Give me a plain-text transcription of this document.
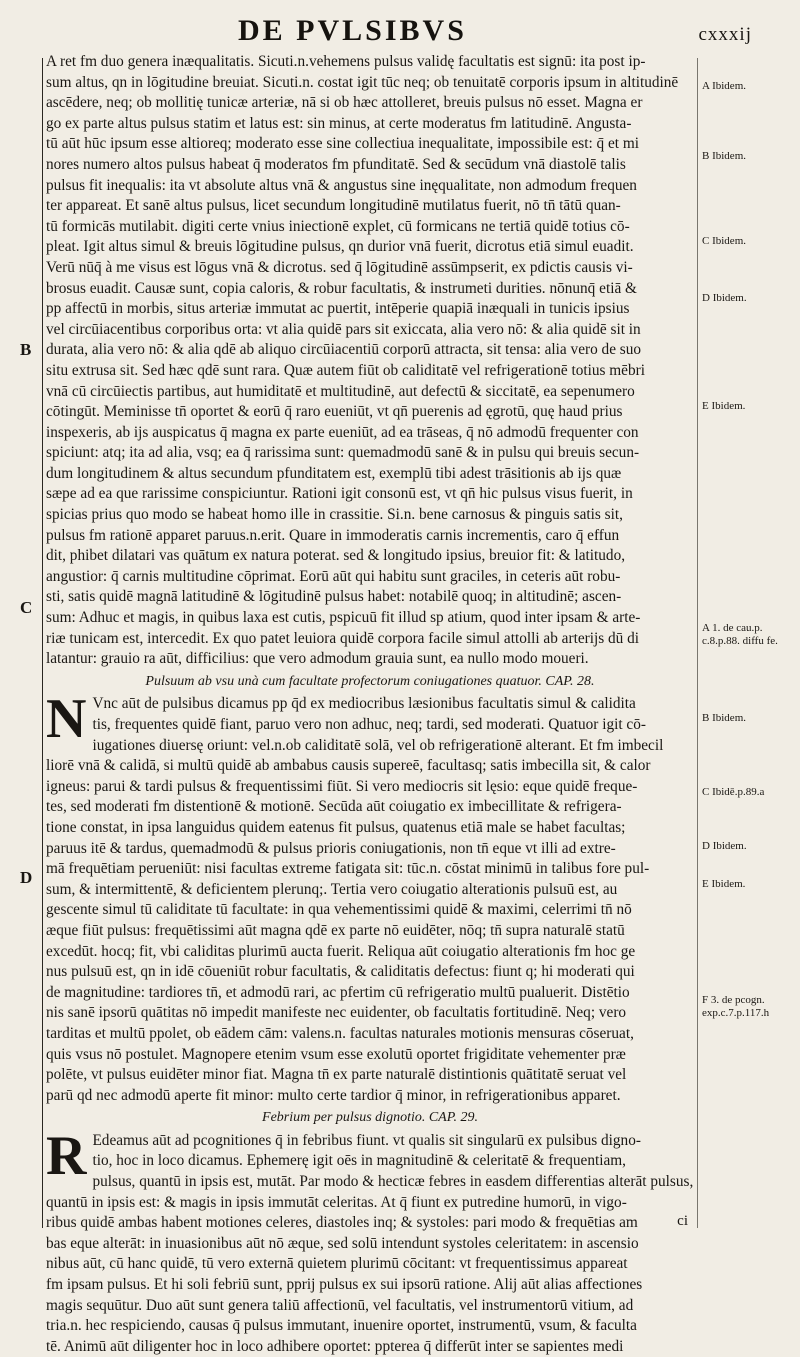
DE PVLSIBVS	cxxxij
B
C
D

A ret fm duo genera inæqualitatis. Sicuti.n.vehemens pulsus validę facultatis est signū: ita post ip-
sum altus, qn in lōgitudine breuiat. Sicuti.n. costat igit tūc neq; ob tenuitatē corporis ipsum in altitudinē
ascēdere, neq; ob mollitię tunicæ arteriæ, nā si ob hæc attolleret, breuis pulsus nō esset. Magna er
go ex parte altus pulsus statim et latus est: sin minus, at certe moderatus fm latitudinē. Angusta-
tū aūt hūc ipsum esse altioreq; moderato esse sine collectiua inequalitate, impossibile est: q̄ et mi
nores numero altos pulsus habeat q̄ moderatos fm pfunditatē. Sed & secūdum vnā diastolē talis
pulsus fit inequalis: ita vt absolute altus vnā & angustus sine inęqualitate, non admodum frequen
ter appareat. Et sanē altus pulsus, licet secundum longitudinē mutilatus fuerit, nō tn̄ tātū quan-
tū formicās mutilabit. digiti certe vnius iniectionē explet, cū formicans ne tertiā quidē totius cō-
pleat. Igit altus simul & breuis lōgitudine pulsus, qn durior vnā fuerit, dicrotus etiā simul euadit.
Verū nūq̄ à me visus est lōgus vnā & dicrotus. sed q̄ lōgitudinē assūmpserit, ex pdictis causis vi-
brosus euadit. Causæ sunt, copia caloris, & robur facultatis, & instrumeti durities. nōnunq̄ etiā &
pp affectū in morbis, situs arteriæ immutat ac puertit, intēperie quapiā inæquali in tunicis ipsius
vel circūiacentibus corporibus orta: vt alia quidē pars sit exiccata, alia vero nō: & alia quidē sit in
durata, alia vero nō: & alia qdē ab aliquo circūiacentiū corporū attracta, sit tensa: alia vero de suo
situ extrusa sit. Sed hæc qdē sunt rara. Quæ autem fiūt ob caliditatē vel refrigerationē totius mēbri
vnā cū circūiectis partibus, aut humiditatē et multitudinē, aut defectū & siccitatē, ea sepenumero
cōtingūt. Meminisse tn̄ oportet & eorū q̄ raro eueniūt, vt qn̄ puerenis ad ęgrotū, quę haud prius
inspexeris, ab ijs auspicatus q̄ magna ex parte eueniūt, ad ea trāseas, q̄ nō admodū frequenter con
spiciunt: atq; ita ad alia, vsq; ea q̄ rarissima sunt: quemadmodū sanē & in pulsu qui breuis secun-
dum longitudinem & altus secundum pfunditatem est, exemplū tibi adest trāsitionis ab ijs quæ
sæpe ad ea que rarissime conspiciuntur. Rationi igit consonū est, vt qn̄ hic pulsus visus fuerit, in
spicias prius quo modo se habeat homo ille in crassitie. Si.n. bene carnosus & pinguis satis sit,
pulsus fm rationē apparet paruus.n.erit. Quare in immoderatis carnis incrementis, caro q̄ effun
dit, phibet dilatari vas quātum ex natura poterat. sed & longitudo ipsius, breuior fit: & latitudo,
angustior: q̄ carnis multitudine cōprimat. Eorū aūt qui habitu sunt graciles, in ceteris aūt robu-
sti, satis quidē magnā latitudinē & lōgitudinē pulsus habet: notabilē quoq; in altitudinē; ascen-
sum: Adhuc et magis, in quibus laxa est cutis, pspicuū fit illud sp atium, quod inter ipsam & arte-
riæ tunicam est, intercedit. Ex quo patet leuiora quidē corpora facile simul attolli ab arterijs dū di
latantur: grauio ra aūt, difficilius: que vero admodum grauia sunt, ea nullo modo moueri.

Pulsuum ab vsu unà cum facultate profectorum coniugationes quatuor. CAP. 28.

N Vnc aūt de pulsibus dicamus pp q̄d ex mediocribus læsionibus facultatis simul & calidita
tis, frequentes quidē fiant, paruo vero non adhuc, neq; tardi, sed moderati. Quatuor igit cō-
iugationes diuersę oriunt: vel.n.ob caliditatē solā, vel ob refrigerationē alterant. Et fm imbecil
liorē vnā & calidā, si multū quidē ab ambabus causis supereē, facultasq; satis imbecilla sit, & calor
igneus: parui & tardi pulsus & frequentissimi fiūt. Si vero mediocris sit lęsio: eque quidē freque-
tes, sed moderati fm distentionē & motionē. Secūda aūt coiugatio ex imbecillitate & refrigera-
tione constat, in ipsa languidus quidem eatenus fit pulsus, quatenus etiā male se habet facultas;
paruus itē & tardus, quemadmodū & pulsus prioris coniugationis, non tn̄ eque vt illi ad extre-
mā frequētiam perueniūt: nisi facultas extreme fatigata sit: tūc.n. cōstat minimū in talibus fore pul-
sum, & intermittentē, & deficientem plerunq;. Tertia vero coiugatio alterationis pulsuū est, au
gescente simul tū caliditate tū facultate: in qua vehementissimi quidē & maximi, celerrimi tn̄ nō
æque fiūt pulsus: frequētissimi aūt magna qdē ex parte nō euidēter, nōq; tn̄ supra naturalē statū
excedūt. hocq; fit, vbi caliditas plurimū aucta fuerit. Reliqua aūt coiugatio alterationis fm hoc ge
nus pulsuū est, qn in idē cōueniūt robur facultatis, & caliditatis defectus: fiunt q; hi moderati qui
de magnitudine: tardiores tn̄, et admodū rari, ac pfertim cū refrigeratio multū pualuerit. Distētio
nis sanē ipsorū quātitas nō impedit manifeste nec euidenter, ob facultatis fortitudinē. Neq; vero
tarditas et multū ppolet, ob eādem cām: valens.n. facultas naturales motionis mensuras cōseruat,
quis vsus nō postulet. Magnopere etenim vsum esse exolutū oportet frigiditate vehementer præ
polēte, vt pulsus euidēter minor fiat. Magna tn̄ ex parte naturalē distintionis quātitatē seruat vel
parū qd nec admodū aperte fit minor: multo certe tardior q̄ minor, in refrigerationibus apparet.

Febrium per pulsus dignotio. CAP. 29.

R Edeamus aūt ad pcognitiones q̄ in febribus fiunt. vt qualis sit singularū ex pulsibus digno-
tio, hoc in loco dicamus. Ephemerę igit oēs in magnitudinē & celeritatē & frequentiam,
pulsus, quantū in ipsis est, mutāt. Par modo & hecticæ febres in easdem differentias alterāt pulsus,
quantū in ipsis est: & magis in ipsis immutāt celeritas. At q̄ fiunt ex putredine humorū, in vigo-
ribus quidē ambas habent motiones celeres, diastoles inq; & systoles: pari modo & frequētias am
bas eque alterāt: in inuasionibus aūt nō æque, sed solū intendunt systoles celeritatem: in ascensio
nibus aūt, cū hanc quidē, tū vero externā quietem plurimū cōcitant: vt frequentissimus appareat
fm ipsam pulsus. Et hi soli febriū sunt, pprij pulsus ex sui ipsorū ratione. Alij aūt alias affectiones
magis sequūtur. Duo aūt sunt genera taliū affectionū, vel facultatis, vel instrumentorū vitium, ad
tria.n. hec respiciendo, causas q̄ pulsus immutant, inuenire oportet, instrumentū, vsum, & faculta
tē. Animū aūt diligenter hoc in loco adhibere oportet: ppterea q̄ differūt inter se sapientes medi

A Ibidem.
B Ibidem.
C Ibidem.
D Ibidem.
E Ibidem.
A 1. de cau.p. c.8.p.88. diffu fe.
B Ibidem.
C Ibidē.p.89.a
D Ibidem.
E Ibidem.
F 3. de pcogn. exp.c.7.p.117.h
ci
